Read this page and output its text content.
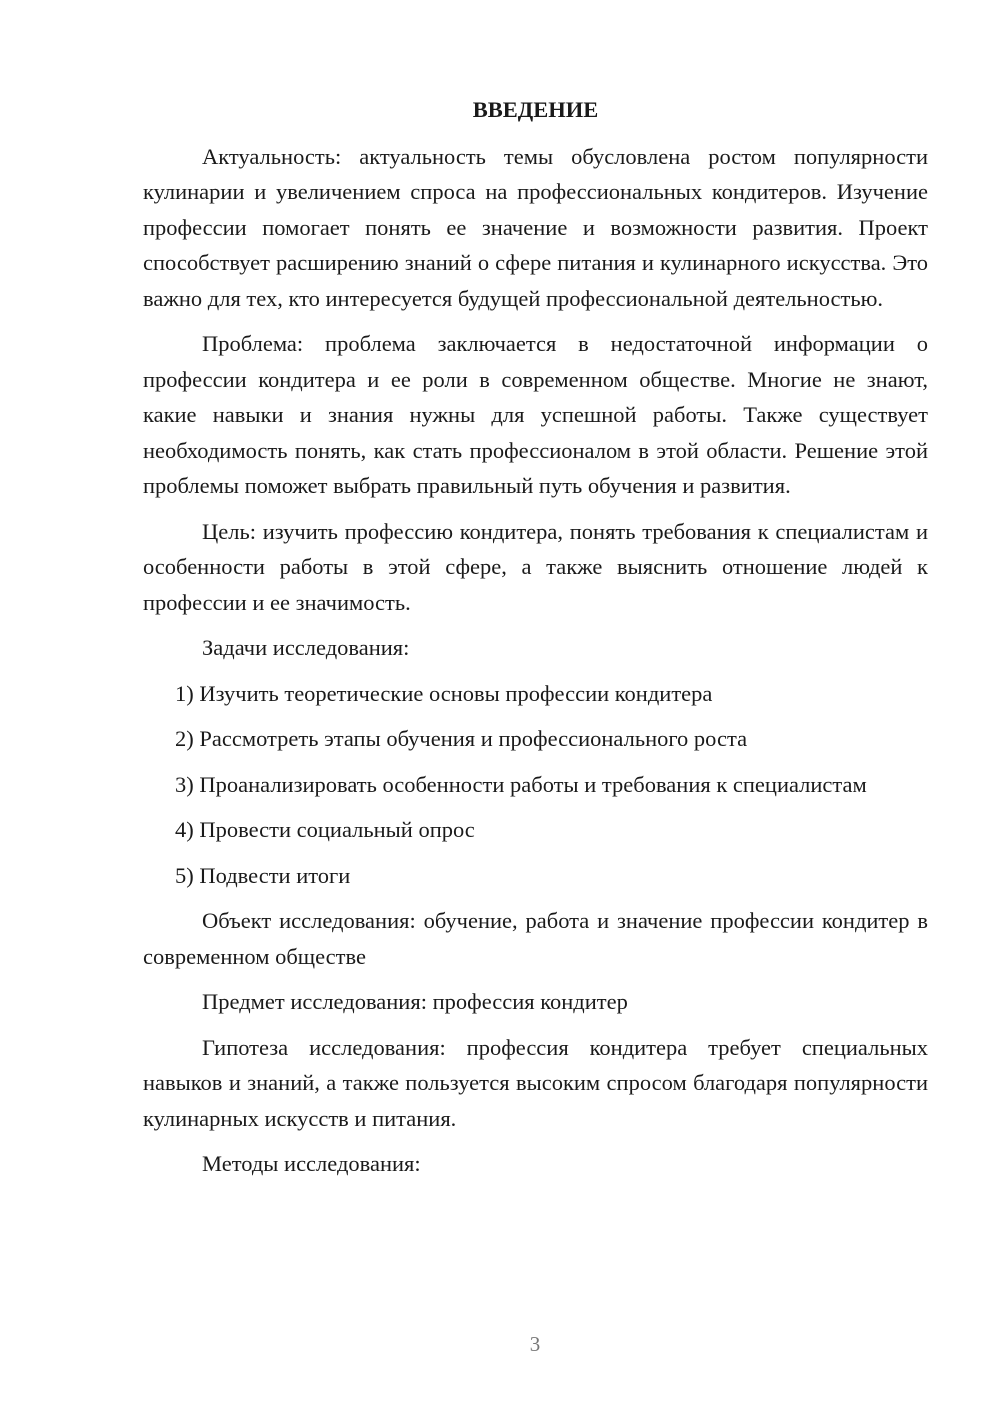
ВВЕДЕНИЕ

Актуальность: актуальность темы обусловлена ростом популярности кулинарии и увеличением спроса на профессиональных кондитеров. Изучение профессии помогает понять ее значение и возможности развития. Проект способствует расширению знаний о сфере питания и кулинарного искусства. Это важно для тех, кто интересуется будущей профессиональной деятельностью.

Проблема: проблема заключается в недостаточной информации о профессии кондитера и ее роли в современном обществе. Многие не знают, какие навыки и знания нужны для успешной работы. Также существует необходимость понять, как стать профессионалом в этой области. Решение этой проблемы поможет выбрать правильный путь обучения и развития.

Цель: изучить профессию кондитера, понять требования к специалистам и особенности работы в этой сфере, а также выяснить отношение людей к профессии и ее значимость.

Задачи исследования:

1) Изучить теоретические основы профессии кондитера

2) Рассмотреть этапы обучения и профессионального роста

3) Проанализировать особенности работы и требования к специалистам

4) Провести социальный опрос

5) Подвести итоги

Объект исследования: обучение, работа и значение профессии кондитер в современном обществе

Предмет исследования: профессия кондитер

Гипотеза исследования: профессия кондитера требует специальных навыков и знаний, а также пользуется высоким спросом благодаря популярности кулинарных искусств и питания.

Методы исследования:

3
